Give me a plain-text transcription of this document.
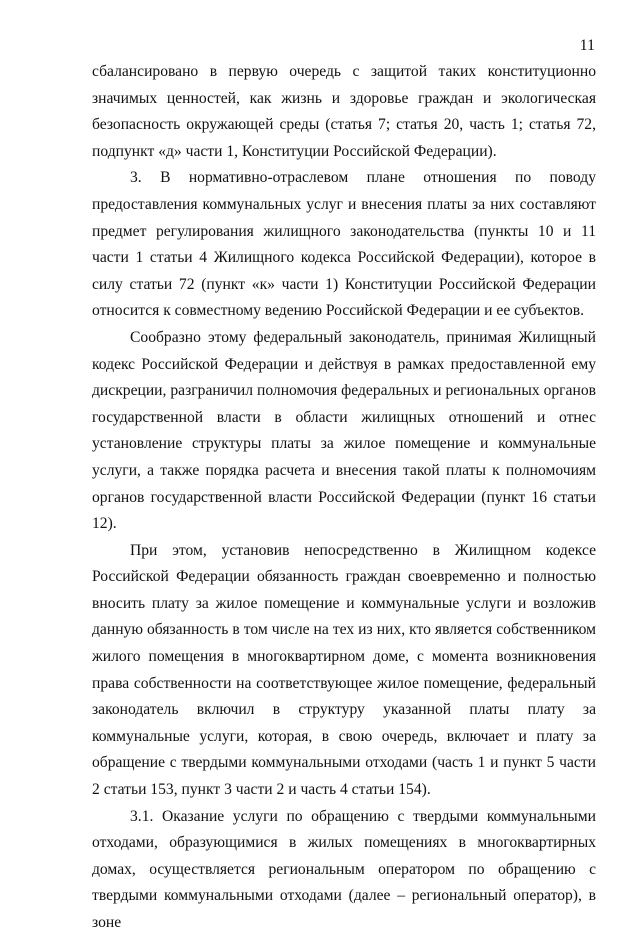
11

сбалансировано в первую очередь с защитой таких конституционно значимых ценностей, как жизнь и здоровье граждан и экологическая безопасность окружающей среды (статья 7; статья 20, часть 1; статья 72, подпункт «д» части 1, Конституции Российской Федерации).

3. В нормативно-отраслевом плане отношения по поводу предоставления коммунальных услуг и внесения платы за них составляют предмет регулирования жилищного законодательства (пункты 10 и 11 части 1 статьи 4 Жилищного кодекса Российской Федерации), которое в силу статьи 72 (пункт «к» части 1) Конституции Российской Федерации относится к совместному ведению Российской Федерации и ее субъектов.

Сообразно этому федеральный законодатель, принимая Жилищный кодекс Российской Федерации и действуя в рамках предоставленной ему дискреции, разграничил полномочия федеральных и региональных органов государственной власти в области жилищных отношений и отнес установление структуры платы за жилое помещение и коммунальные услуги, а также порядка расчета и внесения такой платы к полномочиям органов государственной власти Российской Федерации (пункт 16 статьи 12).

При этом, установив непосредственно в Жилищном кодексе Российской Федерации обязанность граждан своевременно и полностью вносить плату за жилое помещение и коммунальные услуги и возложив данную обязанность в том числе на тех из них, кто является собственником жилого помещения в многоквартирном доме, с момента возникновения права собственности на соответствующее жилое помещение, федеральный законодатель включил в структуру указанной платы плату за коммунальные услуги, которая, в свою очередь, включает и плату за обращение с твердыми коммунальными отходами (часть 1 и пункт 5 части 2 статьи 153, пункт 3 части 2 и часть 4 статьи 154).

3.1. Оказание услуги по обращению с твердыми коммунальными отходами, образующимися в жилых помещениях в многоквартирных домах, осуществляется региональным оператором по обращению с твердыми коммунальными отходами (далее – региональный оператор), в зоне
